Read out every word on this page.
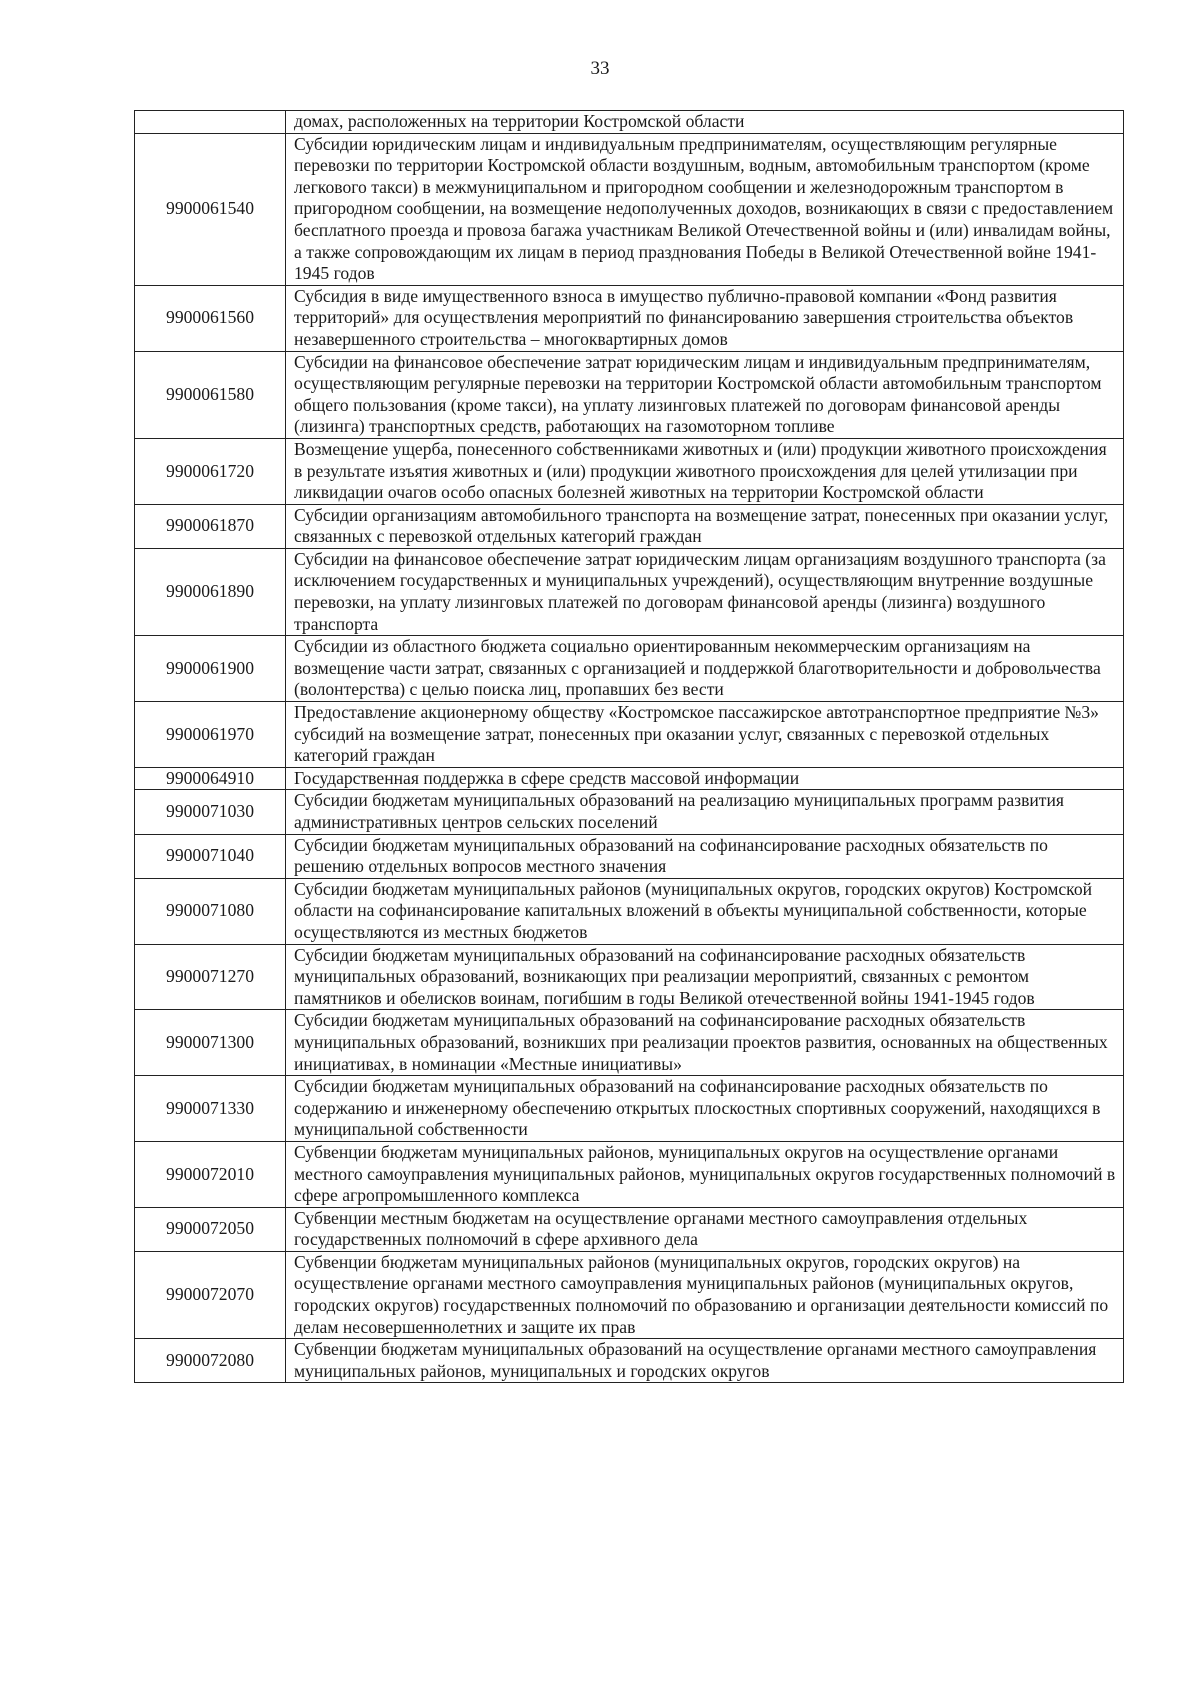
33
	домах, расположенных на территории Костромской области
9900061540	Субсидии юридическим лицам и индивидуальным предпринимателям, осуществляющим регулярные перевозки по территории Костромской области воздушным, водным, автомобильным транспортом (кроме легкового такси) в межмуниципальном и пригородном сообщении и железнодорожным транспортом в пригородном сообщении, на возмещение недополученных доходов, возникающих в связи с предоставлением бесплатного проезда и провоза багажа участникам Великой Отечественной войны и (или) инвалидам войны, а также сопровождающим их лицам в период празднования Победы в Великой Отечественной войне 1941-1945 годов
9900061560	Субсидия в виде имущественного взноса в имущество публично-правовой компании «Фонд развития территорий» для осуществления мероприятий по финансированию завершения строительства объектов незавершенного строительства – многоквартирных домов
9900061580	Субсидии на финансовое обеспечение затрат юридическим лицам и индивидуальным предпринимателям, осуществляющим регулярные перевозки на территории Костромской области автомобильным транспортом общего пользования (кроме такси), на уплату лизинговых платежей по договорам финансовой аренды (лизинга) транспортных средств, работающих на газомоторном топливе
9900061720	Возмещение ущерба, понесенного собственниками животных и (или) продукции животного происхождения в результате изъятия животных и (или) продукции животного происхождения для целей утилизации при ликвидации очагов особо опасных болезней животных на территории Костромской области
9900061870	Субсидии организациям автомобильного транспорта на возмещение затрат, понесенных при оказании услуг, связанных с перевозкой отдельных категорий граждан
9900061890	Субсидии на финансовое обеспечение затрат юридическим лицам организациям воздушного транспорта (за исключением государственных и муниципальных учреждений), осуществляющим внутренние воздушные перевозки, на уплату лизинговых платежей по договорам финансовой аренды (лизинга) воздушного транспорта
9900061900	Субсидии из областного бюджета социально ориентированным некоммерческим организациям на возмещение части затрат, связанных с организацией и поддержкой благотворительности и добровольчества (волонтерства) с целью поиска лиц, пропавших без вести
9900061970	Предоставление акционерному обществу «Костромское пассажирское автотранспортное предприятие №3» субсидий на возмещение затрат, понесенных при оказании услуг, связанных с перевозкой отдельных категорий граждан
9900064910	Государственная поддержка в сфере средств массовой информации
9900071030	Субсидии бюджетам муниципальных образований на реализацию муниципальных программ развития административных центров сельских поселений
9900071040	Субсидии бюджетам муниципальных образований на софинансирование расходных обязательств по решению отдельных вопросов местного значения
9900071080	Субсидии бюджетам муниципальных районов (муниципальных округов, городских округов) Костромской области на софинансирование капитальных вложений в объекты муниципальной собственности, которые осуществляются из местных бюджетов
9900071270	Субсидии бюджетам муниципальных образований на софинансирование расходных обязательств муниципальных образований, возникающих при реализации мероприятий, связанных с ремонтом памятников и обелисков воинам, погибшим в годы Великой отечественной войны 1941-1945 годов
9900071300	Субсидии бюджетам муниципальных образований на софинансирование расходных обязательств муниципальных образований, возникших при реализации проектов развития, основанных на общественных инициативах, в номинации «Местные инициативы»
9900071330	Субсидии бюджетам муниципальных образований на софинансирование расходных обязательств по содержанию и инженерному обеспечению открытых плоскостных спортивных сооружений, находящихся в муниципальной собственности
9900072010	Субвенции бюджетам муниципальных районов, муниципальных округов на осуществление органами местного самоуправления муниципальных районов, муниципальных округов государственных полномочий в сфере агропромышленного комплекса
9900072050	Субвенции местным бюджетам на осуществление органами местного самоуправления отдельных государственных полномочий в сфере архивного дела
9900072070	Субвенции бюджетам муниципальных районов (муниципальных округов, городских округов) на осуществление органами местного самоуправления муниципальных районов (муниципальных округов, городских округов) государственных полномочий по образованию и организации деятельности комиссий по делам несовершеннолетних и защите их прав
9900072080	Субвенции бюджетам муниципальных образований на осуществление органами местного самоуправления муниципальных районов, муниципальных и городских округов
